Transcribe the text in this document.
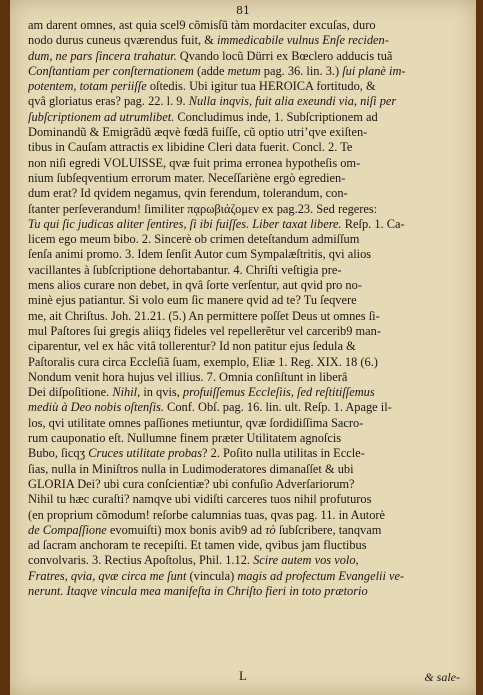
81
am darent omnes, ast quia scel9 cõmisſũ tàm mordaciter excuſas, duro
nodo durus cuneus qværendus fuit, & immedicabile vulnus Enſe reciden-
dum, ne pars ſincera trahatur. Qvando locũ Dürri ex Bœclero adducis tuã
Conſtantiam per conſternationem (adde metum pag. 36. lin. 3.) ſui planè im-
potentem, totam periiſſe oſtedis. Ubi igitur tua HEROICA fortitudo, &
qvâ gloriatus eras? pag. 22. l. 9. Nulla inqvis, fuit alia exeundi via, niſi per
ſubſcriptionem ad utrumlibet. Concludimus inde, 1. Subſcriptionem ad
Dominandũ & Emigrãdũ æqvè fœdã fuiſſe, cũ optio utriʼqve exiſten-
tibus in Cauſam attractis ex libidine Cleri data fuerit. Concl. 2. Te
non niſi egredi VOLUISSE, qvæ fuit prima erronea hypotheſis om-
nium ſubſeqventium errorum mater. Neceſſariène ergò egredien-
dum erat? Id qvidem negamus, qvin ferendum, tolerandum, con-
ſtanter perſeverandum! ſimiliter πᾳρωβιάζομεν ex pag.23. Sed regeres:
Tu qui ſic judicas aliter ſentires, ſi ibi fuiſſes. Liber taxat libere. Reſp. 1. Ca-
licem ego meum bibo. 2. Sincerè ob crimen deteſtandum admiſſum
ſenſa animi promo. 3. Idem ſenſit Autor cum Sympalæſtritis, qvi alios
vacillantes à ſubſcriptione dehortabantur. 4. Chriſti veſtigia pre-
mens alios curare non debet, in qvâ ſorte verſentur, aut qvid pro no-
minè ejus patiantur. Si volo eum ſic manere qvid ad te? Tu ſeqvere
me, ait Chriſtus. Joh. 21.21. (5.) An permittere poſſet Deus ut omnes ſi-
mul Paſtores ſui gregis aliiqʒ fideles vel repellerẽtur vel carcerib9 man-
ciparentur, vel ex hâc vitâ tollerentur? Id non patitur ejus ſedula &
Paſtoralis cura circa Eccleſiã ſuam, exemplo, Eliæ 1. Reg. XIX. 18 (6.)
Nondum venit hora hujus vel illius. 7. Omnia conſiſtunt in liberâ
Dei diſpoſitione. Nihil, in qvis, profuiſſemus Eccleſiis, ſed reſtitiſſemus
mediù à Deo nobis oſtenſis. Conf. Obſ. pag. 16. lin. ult. Reſp. 1. Apage il-
los, qvi utilitate omnes paſſiones metiuntur, qvæ ſordidiſſima Sacro-
rum cauponatio eſt. Nullumne finem præter Utilitatem agnoſcis
Bubo, ſicqʒ Cruces utilitate probas? 2. Poſito nulla utilitas in Eccle-
ſias, nulla in Miniſtros nulla in Ludimoderatores dimanaſſet & ubi
GLORIA Dei? ubi cura conſcientiæ? ubi confuſio Adverſariorum?
Nihil tu hæc curaſti? namqve ubi vidiſti carceres tuos nihil profuturos
(en proprium cõmodum! reſorbe calumnias tuas, qvas pag. 11. in Autorè
de Compaſſione evomuiſti) mox bonis avib9 ad τὸ ſubſcribere, tanqvam
ad ſacram anchoram te recepiſti. Et tamen vide, qvibus jam fluctibus
convolvaris. 3. Rectius Apoſtolus, Phil. 1.12. Scire autem vos volo,
Fratres, qvia, qvæ circa me ſunt (vincula) magis ad profectum Evangelii ve-
nerunt. Itaqve vincula mea manifeſta in Chriſto fieri in toto prætorio
L	& sale-
